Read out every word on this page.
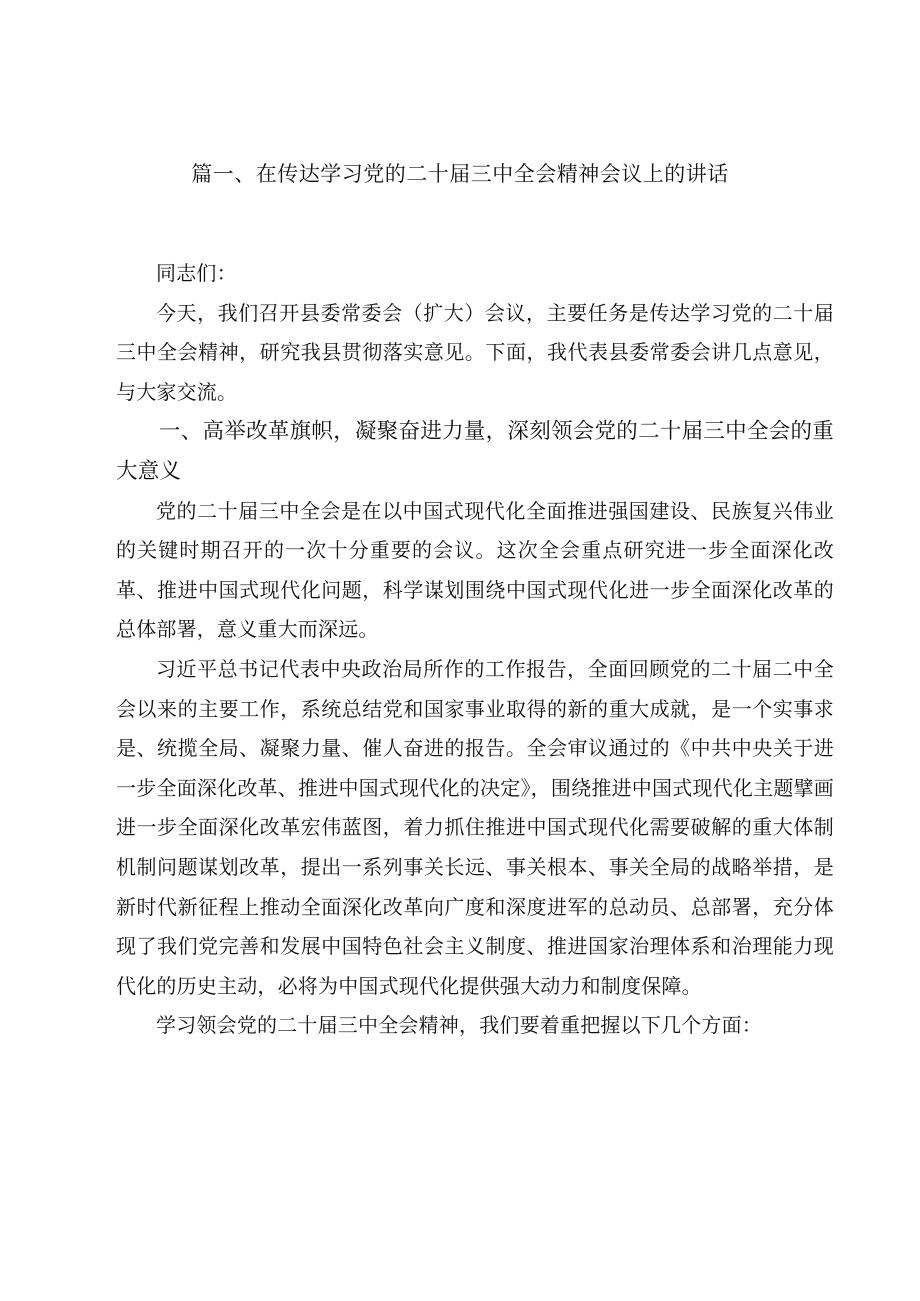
篇一、在传达学习党的二十届三中全会精神会议上的讲话

同志们：

今天，我们召开县委常委会（扩大）会议，主要任务是传达学习党的二十届三中全会精神，研究我县贯彻落实意见。下面，我代表县委常委会讲几点意见，与大家交流。

一、高举改革旗帜，凝聚奋进力量，深刻领会党的二十届三中全会的重大意义

党的二十届三中全会是在以中国式现代化全面推进强国建设、民族复兴伟业的关键时期召开的一次十分重要的会议。这次全会重点研究进一步全面深化改革、推进中国式现代化问题，科学谋划围绕中国式现代化进一步全面深化改革的总体部署，意义重大而深远。

习近平总书记代表中央政治局所作的工作报告，全面回顾党的二十届二中全会以来的主要工作，系统总结党和国家事业取得的新的重大成就，是一个实事求是、统揽全局、凝聚力量、催人奋进的报告。全会审议通过的《中共中央关于进一步全面深化改革、推进中国式现代化的决定》，围绕推进中国式现代化主题擘画进一步全面深化改革宏伟蓝图，着力抓住推进中国式现代化需要破解的重大体制机制问题谋划改革，提出一系列事关长远、事关根本、事关全局的战略举措，是新时代新征程上推动全面深化改革向广度和深度进军的总动员、总部署，充分体现了我们党完善和发展中国特色社会主义制度、推进国家治理体系和治理能力现代化的历史主动，必将为中国式现代化提供强大动力和制度保障。

学习领会党的二十届三中全会精神，我们要着重把握以下几个方面：
